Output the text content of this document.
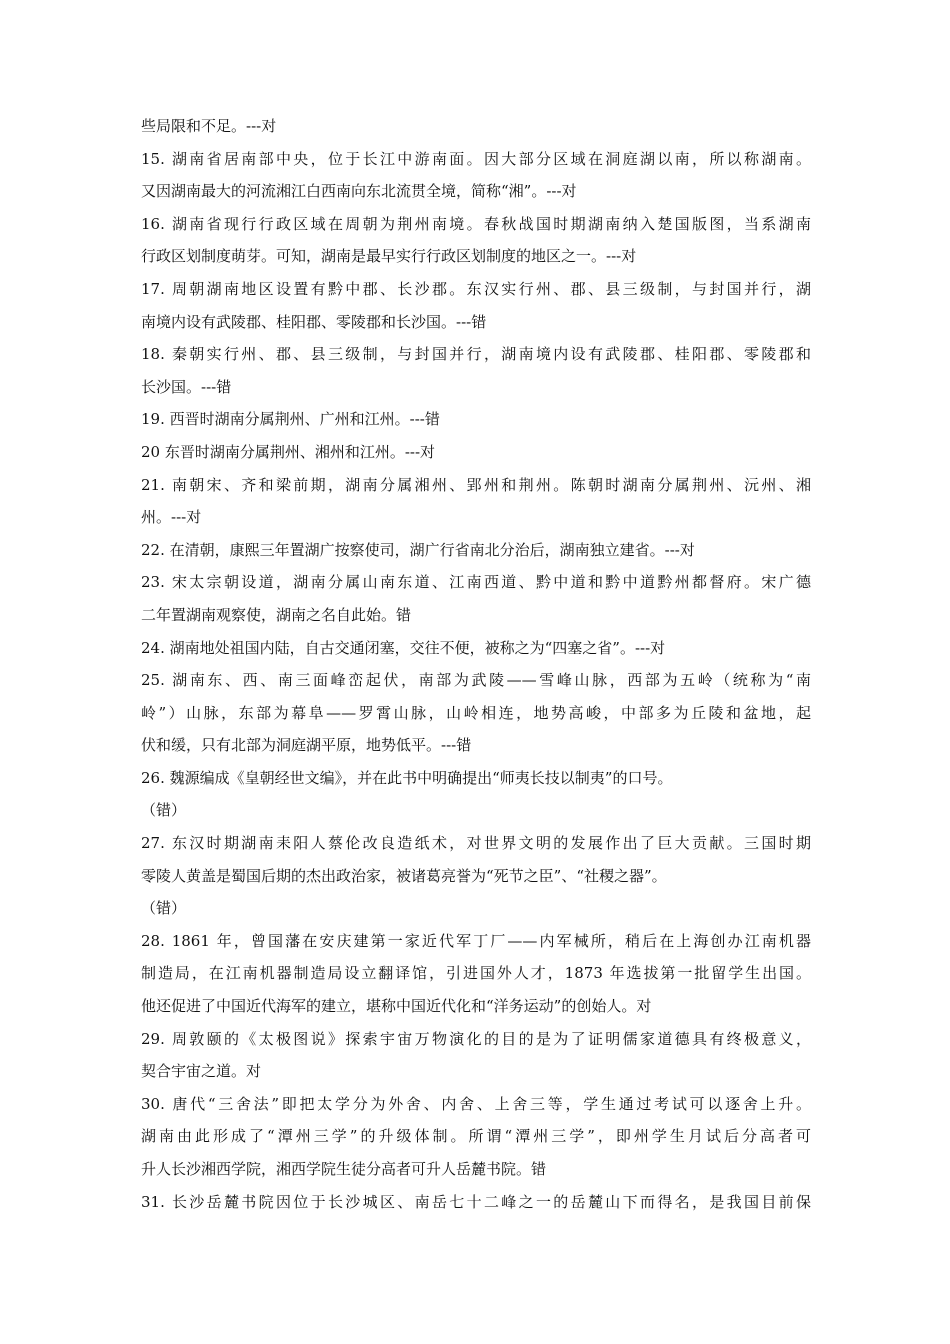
些局限和不足。---对
15. 湖南省居南部中央，位于长江中游南面。因大部分区域在洞庭湖以南，所以称湖南。
又因湖南最大的河流湘江白西南向东北流贯全境，简称“湘”。---对
16. 湖南省现行行政区域在周朝为荆州南境。春秋战国时期湖南纳入楚国版图，当系湖南
行政区划制度萌芽。可知，湖南是最早实行行政区划制度的地区之一。---对
17. 周朝湖南地区设置有黔中郡、长沙郡。东汉实行州、郡、县三级制，与封国并行，湖
南境内设有武陵郡、桂阳郡、零陵郡和长沙国。---错
18. 秦朝实行州、郡、县三级制，与封国并行，湖南境内设有武陵郡、桂阳郡、零陵郡和
长沙国。---错
19. 西晋时湖南分属荆州、广州和江州。---错
20 东晋时湖南分属荆州、湘州和江州。---对
21. 南朝宋、齐和梁前期，湖南分属湘州、郢州和荆州。陈朝时湖南分属荆州、沅州、湘
州。---对
22. 在清朝，康熙三年置湖广按察使司，湖广行省南北分治后，湖南独立建省。---对
23. 宋太宗朝设道，湖南分属山南东道、江南西道、黔中道和黔中道黔州都督府。宋广德
二年置湖南观察使，湖南之名自此始。错
24. 湖南地处祖国内陆，自古交通闭塞，交往不便，被称之为“四塞之省”。---对
25. 湖南东、西、南三面峰峦起伏，南部为武陵——雪峰山脉，西部为五岭（统称为“南
岭”）山脉，东部为幕阜——罗霄山脉，山岭相连，地势高峻，中部多为丘陵和盆地，起
伏和缓，只有北部为洞庭湖平原，地势低平。---错
26. 魏源编成《皇朝经世文编》，并在此书中明确提出“师夷长技以制夷”的口号。
（错）
27. 东汉时期湖南耒阳人蔡伦改良造纸术，对世界文明的发展作出了巨大贡献。三国时期
零陵人黄盖是蜀国后期的杰出政治家，被诸葛亮誉为“死节之臣”、“社稷之器”。
（错）
28. 1861 年，曾国藩在安庆建第一家近代军丁厂——内军械所，稍后在上海创办江南机器
制造局，在江南机器制造局设立翻译馆，引进国外人才，1873 年选拔第一批留学生出国。
他还促进了中国近代海军的建立，堪称中国近代化和“洋务运动”的创始人。对
29. 周敦颐的《太极图说》探索宇宙万物演化的目的是为了证明儒家道德具有终极意义，
契合宇宙之道。对
30. 唐代“三舍法”即把太学分为外舍、内舍、上舍三等，学生通过考试可以逐舍上升。
湖南由此形成了“潭州三学”的升级体制。所谓“潭州三学”，即州学生月试后分高者可
升人长沙湘西学院，湘西学院生徒分高者可升人岳麓书院。错
31. 长沙岳麓书院因位于长沙城区、南岳七十二峰之一的岳麓山下而得名，是我国目前保
